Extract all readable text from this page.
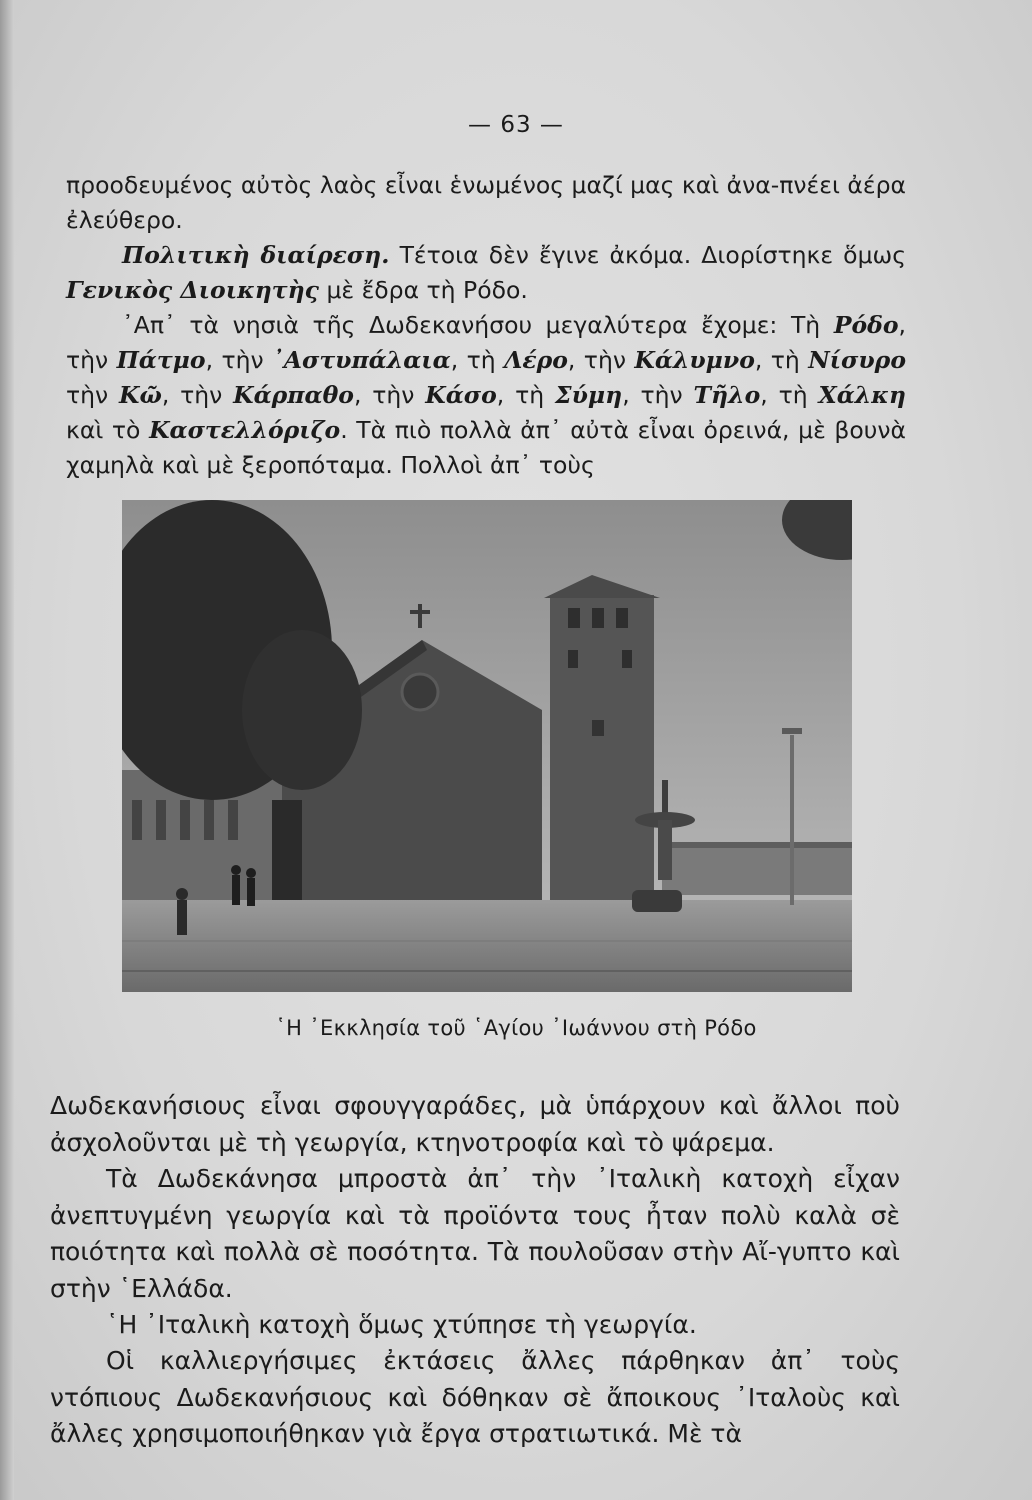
— 63 —

προοδευμένος αὐτὸς λαὸς εἶναι ἑνωμένος μαζί μας καὶ ἀνα-πνέει ἀέρα ἐλεύθερο.

Πολιτικὴ διαίρεση. Τέτοια δὲν ἔγινε ἀκόμα. Διορίστηκε ὅμως Γενικὸς Διοικητὴς μὲ ἔδρα τὴ Ρόδο.

᾿Απ᾿ τὰ νησιὰ τῆς Δωδεκανήσου μεγαλύτερα ἔχομε: Τὴ Ρόδο, τὴν Πάτμο, τὴν ᾿Αστυπάλαια, τὴ Λέρο, τὴν Κάλυμνο, τὴ Νίσυρο τὴν Κῶ, τὴν Κάρπαθο, τὴν Κάσο, τὴ Σύμη, τὴν Τῆλο, τὴ Χάλκη καὶ τὸ Καστελλόριζο. Τὰ πιὸ πολλὰ ἀπ᾿ αὐτὰ εἶναι ὀρεινά, μὲ βουνὰ χαμηλὰ καὶ μὲ ξεροπόταμα. Πολλοὶ ἀπ᾿ τοὺς

῾Η ᾿Εκκλησία τοῦ ῾Αγίου ᾿Ιωάννου στὴ Ρόδο

Δωδεκανήσιους εἶναι σφουγγαράδες, μὰ ὑπάρχουν καὶ ἄλλοι ποὺ ἀσχολοῦνται μὲ τὴ γεωργία, κτηνοτροφία καὶ τὸ ψάρεμα.

Τὰ Δωδεκάνησα μπροστὰ ἀπ᾿ τὴν ᾿Ιταλικὴ κατοχὴ εἶχαν ἀνεπτυγμένη γεωργία καὶ τὰ προϊόντα τους ἦταν πολὺ καλὰ σὲ ποιότητα καὶ πολλὰ σὲ ποσότητα. Τὰ πουλοῦσαν στὴν Αἴ-γυπτο καὶ στὴν ῾Ελλάδα.

῾Η ᾿Ιταλικὴ κατοχὴ ὅμως χτύπησε τὴ γεωργία.

Οἱ καλλιεργήσιμες ἐκτάσεις ἄλλες πάρθηκαν ἀπ᾿ τοὺς ντόπιους Δωδεκανήσιους καὶ δόθηκαν σὲ ἄποικους ᾿Ιταλοὺς καὶ ἄλλες χρησιμοποιήθηκαν γιὰ ἔργα στρατιωτικά. Μὲ τὰ
